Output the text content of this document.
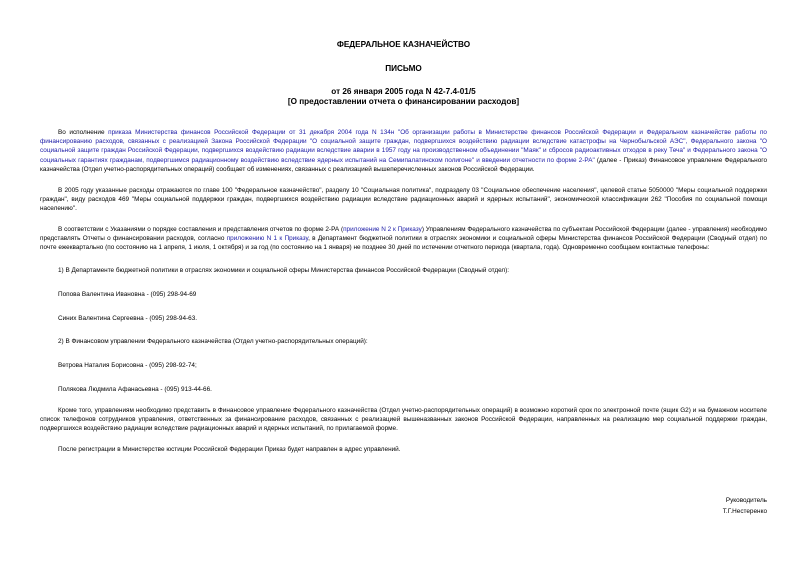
ФЕДЕРАЛЬНОЕ КАЗНАЧЕЙСТВО
ПИСЬМО
от 26 января 2005 года N 42-7.4-01/5
[О предоставлении отчета о финансировании расходов]

Во исполнение приказа Министерства финансов Российской Федерации от 31 декабря 2004 года N 134н "Об организации работы в Министерстве финансов Российской Федерации и Федеральном казначействе работы по финансированию расходов, связанных с реализацией Закона Российской Федерации "О социальной защите граждан, подвергшихся воздействию радиации вследствие катастрофы на Чернобыльской АЭС", Федерального закона "О социальной защите граждан Российской Федерации, подвергшихся воздействию радиации вследствие аварии в 1957 году на производственном объединении "Маяк" и сбросов радиоактивных отходов в реку Теча" и Федерального закона "О социальных гарантиях гражданам, подвергшимся радиационному воздействию вследствие ядерных испытаний на Семипалатинском полигоне" и введении отчетности по форме 2-РА" (далее - Приказ) Финансовое управление Федерального казначейства (Отдел учетно-распорядительных операций) сообщает об изменениях, связанных с реализацией вышеперечисленных законов Российской Федерации.

В 2005 году указанные расходы отражаются по главе 100 "Федеральное казначейство", разделу 10 "Социальная политика", подразделу 03 "Социальное обеспечение населения", целевой статье 5050000 "Меры социальной поддержки граждан", виду расходов 469 "Меры социальной поддержки граждан, подвергшихся воздействию радиации вследствие радиационных аварий и ядерных испытаний", экономической классификации 262 "Пособия по социальной помощи населению".

В соответствии с Указаниями о порядке составления и представления отчетов по форме 2-РА (приложение N 2 к Приказу) Управлениям Федерального казначейства по субъектам Российской Федерации (далее - управления) необходимо представлять Отчеты о финансировании расходов, согласно приложению N 1 к Приказу, в Департамент бюджетной политики в отраслях экономики и социальной сферы Министерства финансов Российской Федерации (Сводный отдел) по почте ежеквартально (по состоянию на 1 апреля, 1 июля, 1 октября) и за год (по состоянию на 1 января) не позднее 30 дней по истечении отчетного периода (квартала, года). Одновременно сообщаем контактные телефоны:

1) В Департаменте бюджетной политики в отраслях экономики и социальной сферы Министерства финансов Российской Федерации (Сводный отдел):

Попова Валентина Ивановна - (095) 298-94-69

Синих Валентина Сергеевна - (095) 298-94-63.

2) В Финансовом управлении Федерального казначейства (Отдел учетно-распорядительных операций):

Ветрова Наталия Борисовна - (095) 298-92-74;

Полякова Людмила Афанасьевна - (095) 913-44-66.

Кроме того, управлениям необходимо представить в Финансовое управление Федерального казначейства (Отдел учетно-распорядительных операций) в возможно короткий срок по электронной почте (ящик G2) и на бумажном носителе список телефонов сотрудников управления, ответственных за финансирование расходов, связанных с реализацией вышеназванных законов Российской Федерации, направленных на реализацию мер социальной поддержки граждан, подвергшихся воздействию радиации вследствие радиационных аварий и ядерных испытаний, по прилагаемой форме.

После регистрации в Министерстве юстиции Российской Федерации Приказ будет направлен в адрес управлений.

Руководитель
Т.Г.Нестеренко
